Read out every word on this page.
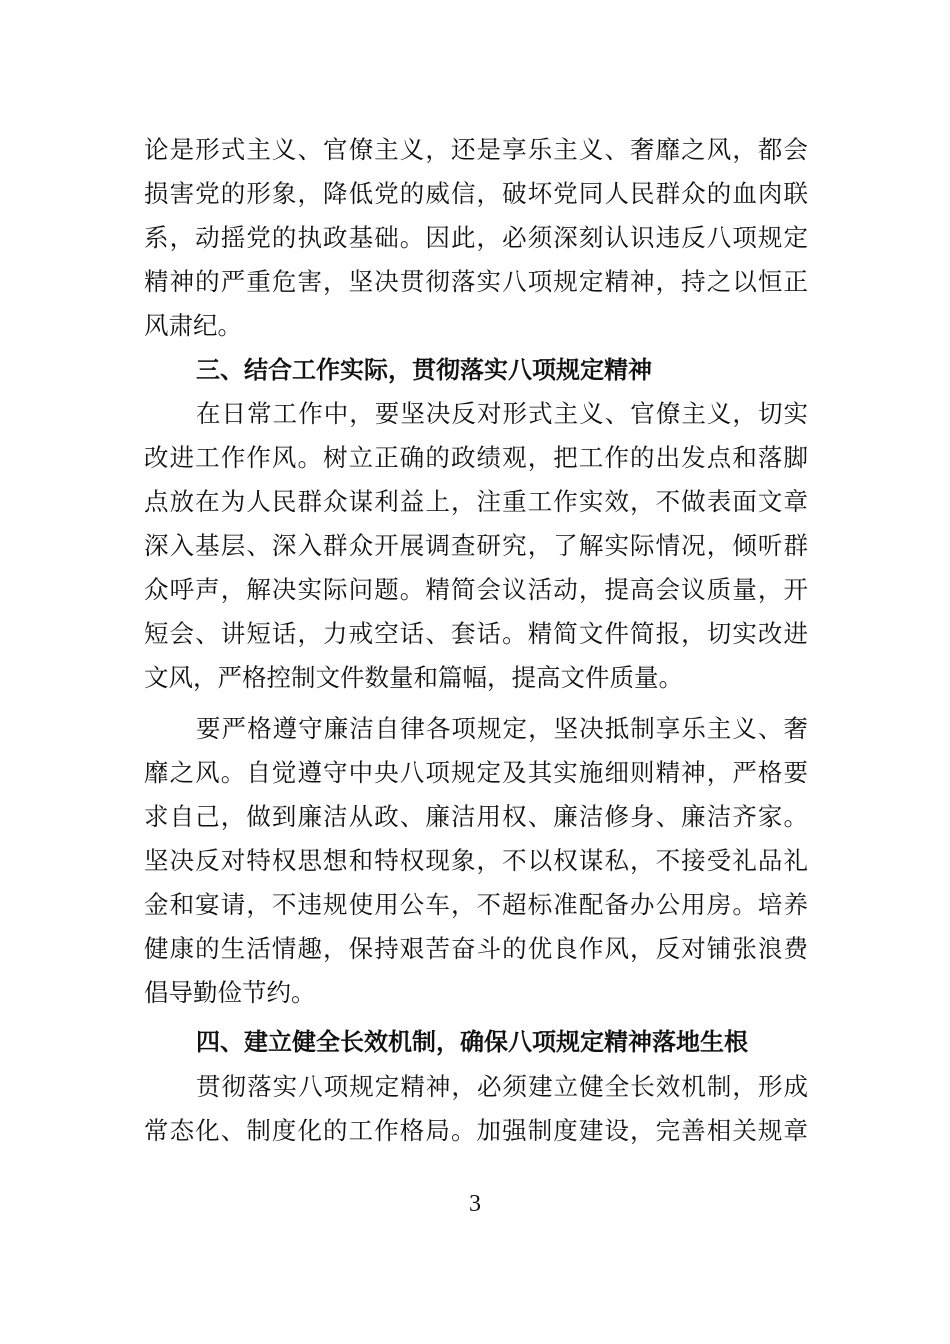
论是形式主义、官僚主义，还是享乐主义、奢靡之风，都会
损害党的形象，降低党的威信，破坏党同人民群众的血肉联
系，动摇党的执政基础。因此，必须深刻认识违反八项规定
精神的严重危害，坚决贯彻落实八项规定精神，持之以恒正
风肃纪。
三、结合工作实际，贯彻落实八项规定精神
在日常工作中，要坚决反对形式主义、官僚主义，切实
改进工作作风。树立正确的政绩观，把工作的出发点和落脚
点放在为人民群众谋利益上，注重工作实效，不做表面文章
深入基层、深入群众开展调查研究，了解实际情况，倾听群
众呼声，解决实际问题。精简会议活动，提高会议质量，开
短会、讲短话，力戒空话、套话。精简文件简报，切实改进
文风，严格控制文件数量和篇幅，提高文件质量。
要严格遵守廉洁自律各项规定，坚决抵制享乐主义、奢
靡之风。自觉遵守中央八项规定及其实施细则精神，严格要
求自己，做到廉洁从政、廉洁用权、廉洁修身、廉洁齐家。
坚决反对特权思想和特权现象，不以权谋私，不接受礼品礼
金和宴请，不违规使用公车，不超标准配备办公用房。培养
健康的生活情趣，保持艰苦奋斗的优良作风，反对铺张浪费
倡导勤俭节约。
四、建立健全长效机制，确保八项规定精神落地生根
贯彻落实八项规定精神，必须建立健全长效机制，形成
常态化、制度化的工作格局。加强制度建设，完善相关规章
3
